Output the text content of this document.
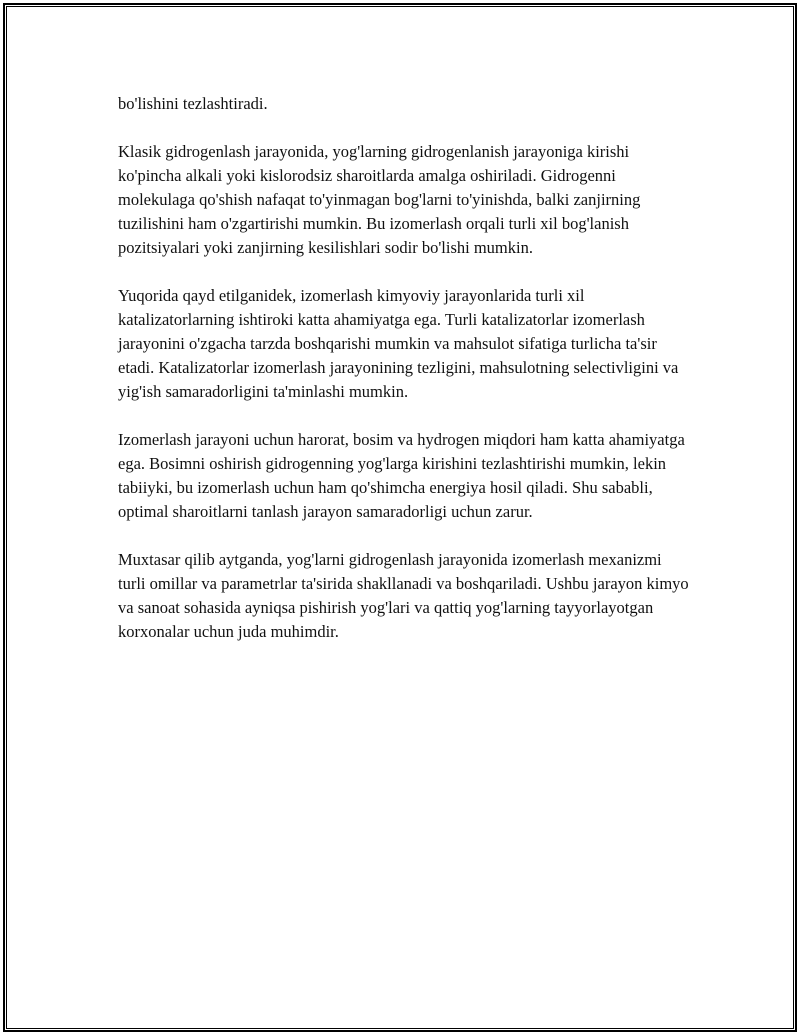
bo'lishini tezlashtiradi.

Klasik gidrogenlash jarayonida, yog'larning gidrogenlanish jarayoniga kirishi ko'pincha alkali yoki kislorodsiz sharoitlarda amalga oshiriladi. Gidrogenni molekulaga qo'shish nafaqat to'yinmagan bog'larni to'yinishda, balki zanjirning tuzilishini ham o'zgartirishi mumkin. Bu izomerlash orqali turli xil bog'lanish pozitsiyalari yoki zanjirning kesilishlari sodir bo'lishi mumkin.

Yuqorida qayd etilganidek, izomerlash kimyoviy jarayonlarida turli xil katalizatorlarning ishtiroki katta ahamiyatga ega. Turli katalizatorlar izomerlash jarayonini o'zgacha tarzda boshqarishi mumkin va mahsulot sifatiga turlicha ta'sir etadi. Katalizatorlar izomerlash jarayonining tezligini, mahsulotning selectivligini va yig'ish samaradorligini ta'minlashi mumkin.

Izomerlash jarayoni uchun harorat, bosim va hydrogen miqdori ham katta ahamiyatga ega. Bosimni oshirish gidrogenning yog'larga kirishini tezlashtirishi mumkin, lekin tabiiyki, bu izomerlash uchun ham qo'shimcha energiya hosil qiladi. Shu sababli, optimal sharoitlarni tanlash jarayon samaradorligi uchun zarur.

Muxtasar qilib aytganda, yog'larni gidrogenlash jarayonida izomerlash mexanizmi turli omillar va parametrlar ta'sirida shakllanadi va boshqariladi. Ushbu jarayon kimyo va sanoat sohasida ayniqsa pishirish yog'lari va qattiq yog'larning tayyorlayotgan korxonalar uchun juda muhimdir.
